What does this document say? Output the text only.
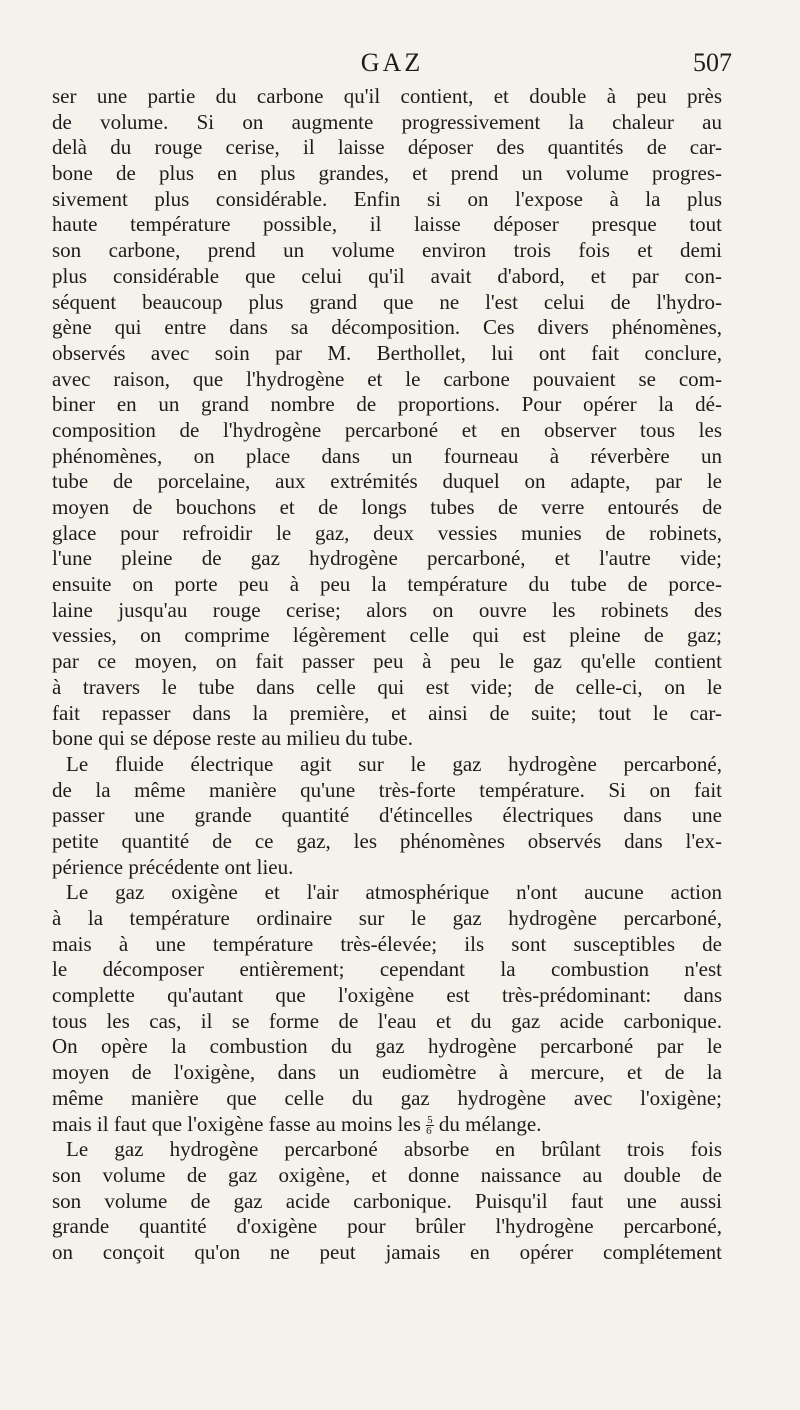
GAZ	507
ser une partie du carbone qu'il contient, et double à peu près
de volume. Si on augmente progressivement la chaleur au
delà du rouge cerise, il laisse déposer des quantités de car-
bone de plus en plus grandes, et prend un volume progres-
sivement plus considérable. Enfin si on l'expose à la plus
haute température possible, il laisse déposer presque tout
son carbone, prend un volume environ trois fois et demi
plus considérable que celui qu'il avait d'abord, et par con-
séquent beaucoup plus grand que ne l'est celui de l'hydro-
gène qui entre dans sa décomposition. Ces divers phénomènes,
observés avec soin par M. Berthollet, lui ont fait conclure,
avec raison, que l'hydrogène et le carbone pouvaient se com-
biner en un grand nombre de proportions. Pour opérer la dé-
composition de l'hydrogène percarboné et en observer tous les
phénomènes, on place dans un fourneau à réverbère un
tube de porcelaine, aux extrémités duquel on adapte, par le
moyen de bouchons et de longs tubes de verre entourés de
glace pour refroidir le gaz, deux vessies munies de robinets,
l'une pleine de gaz hydrogène percarboné, et l'autre vide;
ensuite on porte peu à peu la température du tube de porce-
laine jusqu'au rouge cerise; alors on ouvre les robinets des
vessies, on comprime légèrement celle qui est pleine de gaz;
par ce moyen, on fait passer peu à peu le gaz qu'elle contient
à travers le tube dans celle qui est vide; de celle-ci, on le
fait repasser dans la première, et ainsi de suite; tout le car-
bone qui se dépose reste au milieu du tube.
Le fluide électrique agit sur le gaz hydrogène percarboné,
de la même manière qu'une très-forte température. Si on fait
passer une grande quantité d'étincelles électriques dans une
petite quantité de ce gaz, les phénomènes observés dans l'ex-
périence précédente ont lieu.
Le gaz oxigène et l'air atmosphérique n'ont aucune action
à la température ordinaire sur le gaz hydrogène percarboné,
mais à une température très-élevée; ils sont susceptibles de
le décomposer entièrement; cependant la combustion n'est
complette qu'autant que l'oxigène est très-prédominant: dans
tous les cas, il se forme de l'eau et du gaz acide carbonique.
On opère la combustion du gaz hydrogène percarboné par le
moyen de l'oxigène, dans un eudiomètre à mercure, et de la
même manière que celle du gaz hydrogène avec l'oxigène;
mais il faut que l'oxigène fasse au moins les $\frac{5}{6}$ du mélange.
Le gaz hydrogène percarboné absorbe en brûlant trois fois
son volume de gaz oxigène, et donne naissance au double de
son volume de gaz acide carbonique. Puisqu'il faut une aussi
grande quantité d'oxigène pour brûler l'hydrogène percarboné,
on conçoit qu'on ne peut jamais en opérer complétement
